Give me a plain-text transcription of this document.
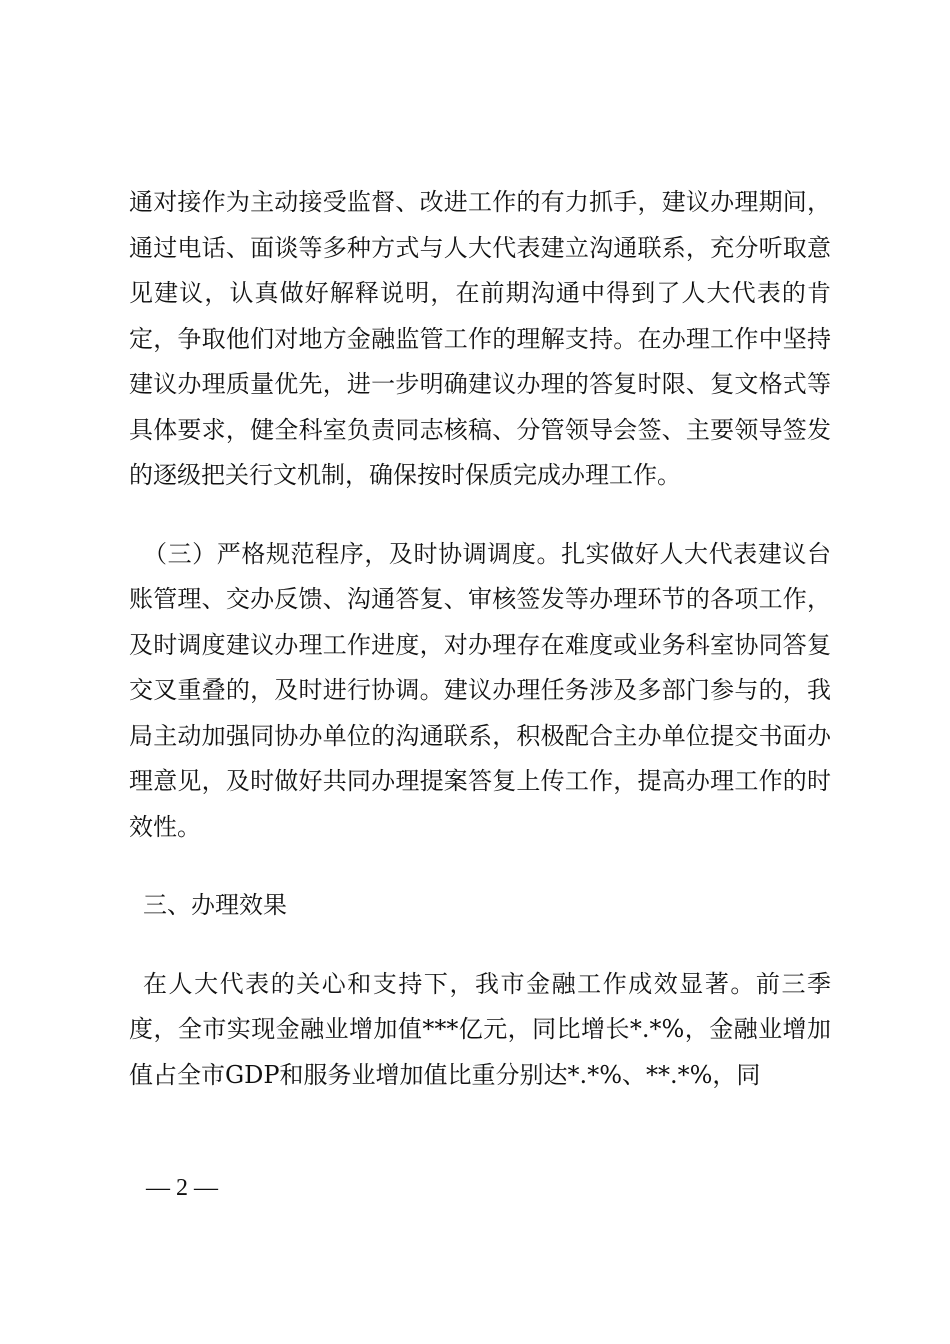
通对接作为主动接受监督、改进工作的有力抓手，建议办理期间，通过电话、面谈等多种方式与人大代表建立沟通联系，充分听取意见建议，认真做好解释说明，在前期沟通中得到了人大代表的肯定，争取他们对地方金融监管工作的理解支持。在办理工作中坚持建议办理质量优先，进一步明确建议办理的答复时限、复文格式等具体要求，健全科室负责同志核稿、分管领导会签、主要领导签发的逐级把关行文机制，确保按时保质完成办理工作。

（三）严格规范程序，及时协调调度。扎实做好人大代表建议台账管理、交办反馈、沟通答复、审核签发等办理环节的各项工作，及时调度建议办理工作进度，对办理存在难度或业务科室协同答复交叉重叠的，及时进行协调。建议办理任务涉及多部门参与的，我局主动加强同协办单位的沟通联系，积极配合主办单位提交书面办理意见，及时做好共同办理提案答复上传工作，提高办理工作的时效性。

三、办理效果

在人大代表的关心和支持下，我市金融工作成效显著。前三季度，全市实现金融业增加值***亿元，同比增长*.*%，金融业增加值占全市GDP和服务业增加值比重分别达*.*%、**.*%，同

— 2 —
